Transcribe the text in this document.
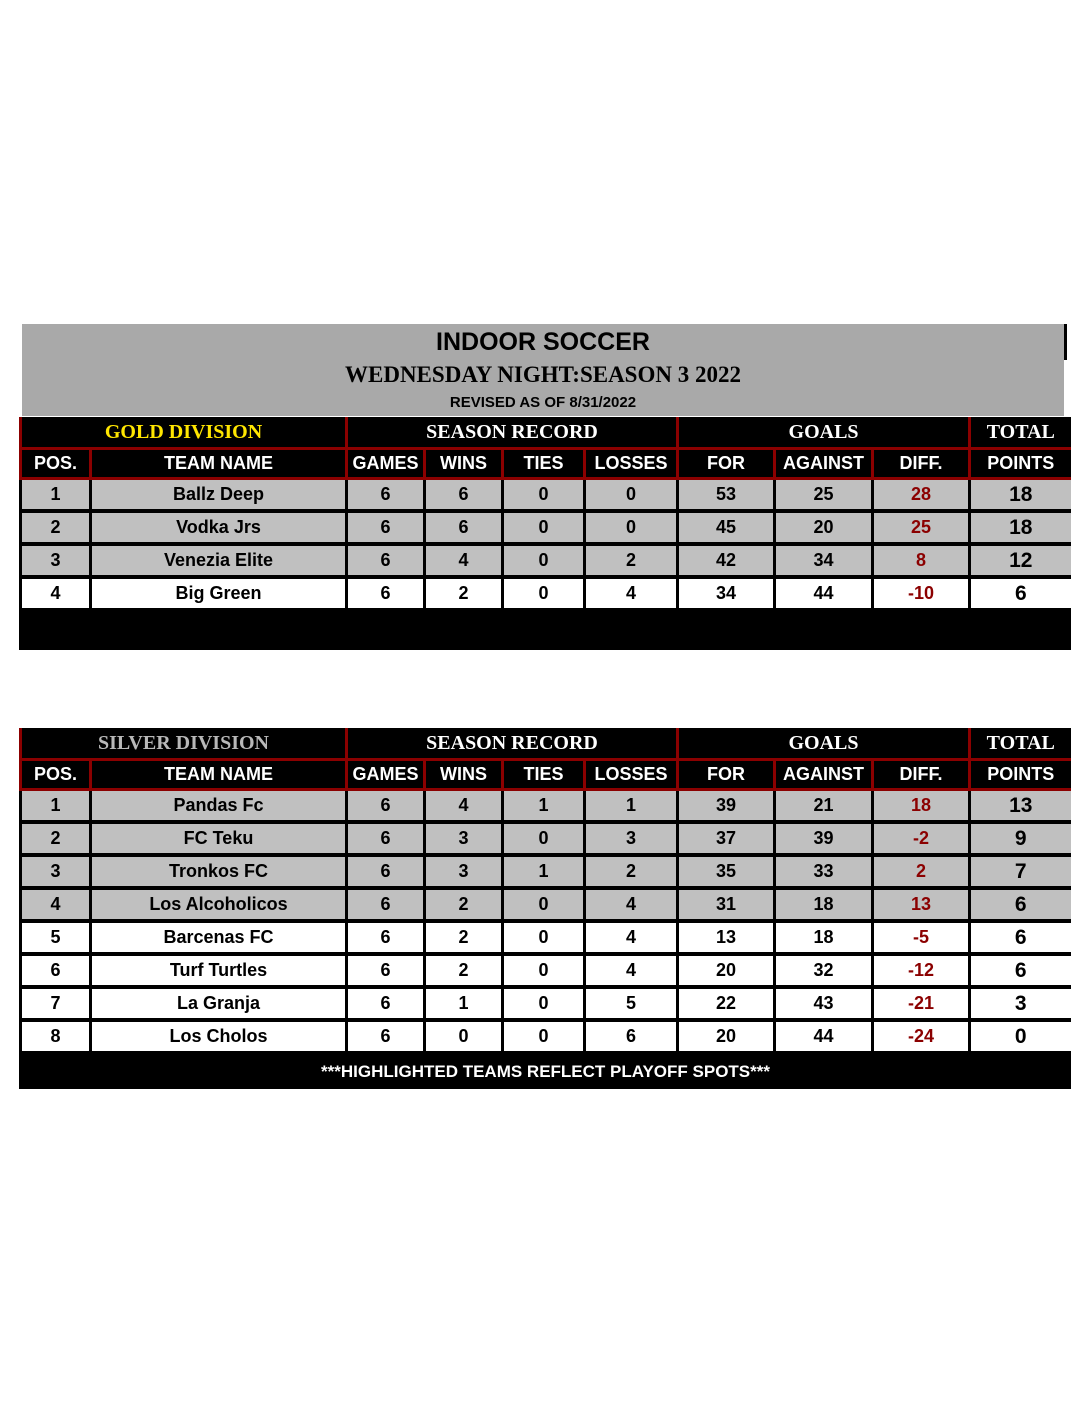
INDOOR SOCCER
WEDNESDAY NIGHT:SEASON 3 2022
REVISED AS OF 8/31/2022
GOLD DIVISION		SEASON RECORD				GOALS			TOTAL
POS.	TEAM NAME	GAMES	WINS	TIES	LOSSES	FOR	AGAINST	DIFF.	POINTS
1	Ballz Deep	6	6	0	0	53	25	28	18
2	Vodka Jrs	6	6	0	0	45	20	25	18
3	Venezia Elite	6	4	0	2	42	34	8	12
4	Big Green	6	2	0	4	34	44	-10	6

SILVER DIVISION		SEASON RECORD				GOALS			TOTAL
POS.	TEAM NAME	GAMES	WINS	TIES	LOSSES	FOR	AGAINST	DIFF.	POINTS
1	Pandas Fc	6	4	1	1	39	21	18	13
2	FC Teku	6	3	0	3	37	39	-2	9
3	Tronkos FC	6	3	1	2	35	33	2	7
4	Los Alcoholicos	6	2	0	4	31	18	13	6
5	Barcenas FC	6	2	0	4	13	18	-5	6
6	Turf Turtles	6	2	0	4	20	32	-12	6
7	La Granja	6	1	0	5	22	43	-21	3
8	Los Cholos	6	0	0	6	20	44	-24	0
***HIGHLIGHTED TEAMS REFLECT PLAYOFF SPOTS***									
